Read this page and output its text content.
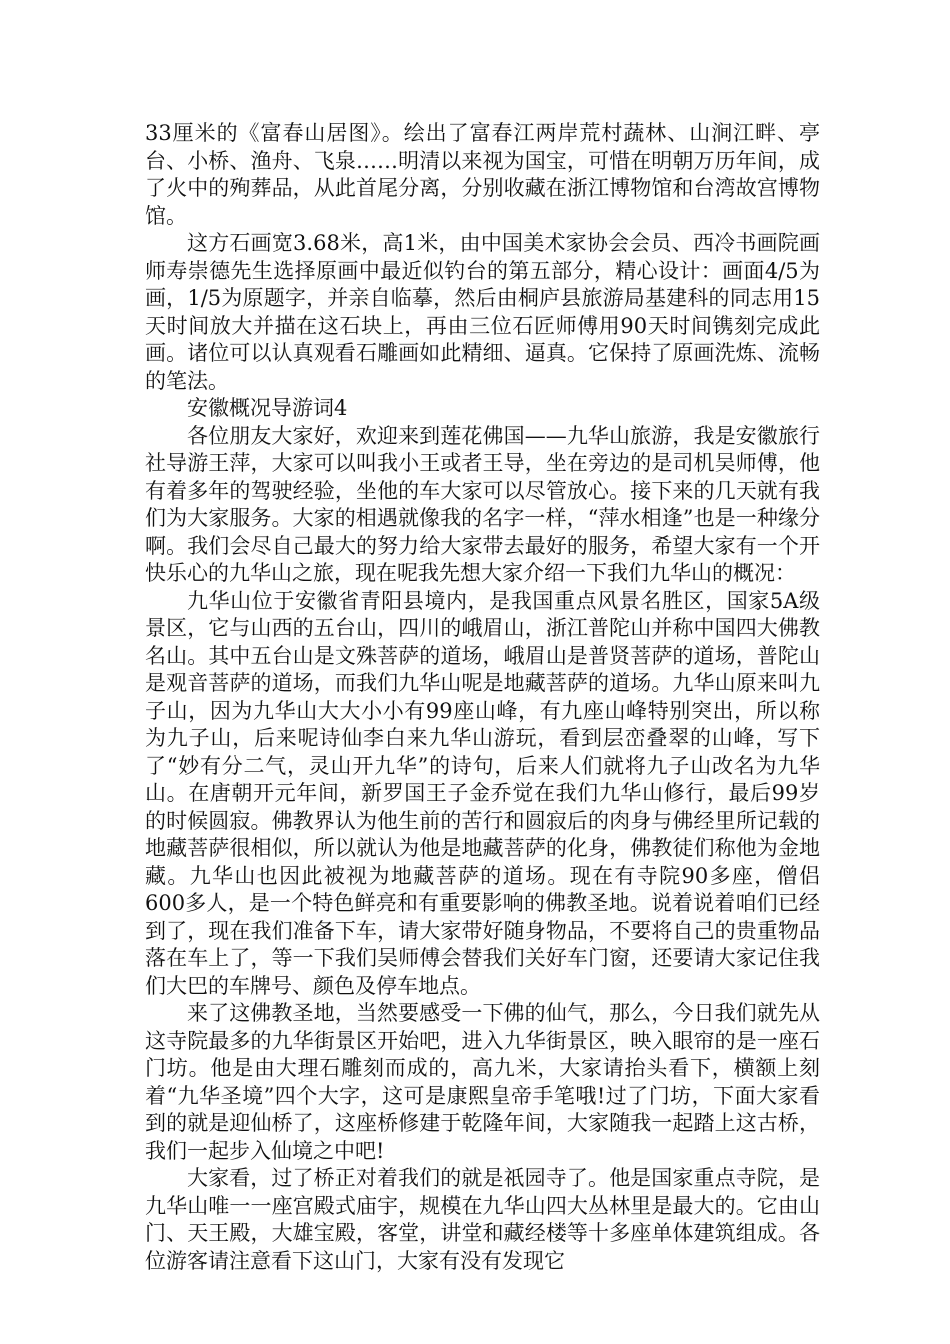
33厘米的《富春山居图》。绘出了富春江两岸荒村蔬林、山涧江畔、亭台、小桥、渔舟、飞泉……明清以来视为国宝，可惜在明朝万历年间，成了火中的殉葬品，从此首尾分离，分别收藏在浙江博物馆和台湾故宫博物馆。

这方石画宽3.68米，高1米，由中国美术家协会会员、西冷书画院画师寿崇德先生选择原画中最近似钓台的第五部分，精心设计：画面4/5为画，1/5为原题字，并亲自临摹，然后由桐庐县旅游局基建科的同志用15天时间放大并描在这石块上，再由三位石匠师傅用90天时间镌刻完成此画。诸位可以认真观看石雕画如此精细、逼真。它保持了原画洗炼、流畅的笔法。

安徽概况导游词4

各位朋友大家好，欢迎来到莲花佛国——九华山旅游，我是安徽旅行社导游王萍，大家可以叫我小王或者王导，坐在旁边的是司机吴师傅，他有着多年的驾驶经验，坐他的车大家可以尽管放心。接下来的几天就有我们为大家服务。大家的相遇就像我的名字一样，“萍水相逢”也是一种缘分啊。我们会尽自己最大的努力给大家带去最好的服务，希望大家有一个开快乐心的九华山之旅，现在呢我先想大家介绍一下我们九华山的概况：

九华山位于安徽省青阳县境内，是我国重点风景名胜区，国家5A级景区，它与山西的五台山，四川的峨眉山，浙江普陀山并称中国四大佛教名山。其中五台山是文殊菩萨的道场，峨眉山是普贤菩萨的道场，普陀山是观音菩萨的道场，而我们九华山呢是地藏菩萨的道场。九华山原来叫九子山，因为九华山大大小小有99座山峰，有九座山峰特别突出，所以称为九子山，后来呢诗仙李白来九华山游玩，看到层峦叠翠的山峰，写下了“妙有分二气，灵山开九华”的诗句，后来人们就将九子山改名为九华山。在唐朝开元年间，新罗国王子金乔觉在我们九华山修行，最后99岁的时候圆寂。佛教界认为他生前的苦行和圆寂后的肉身与佛经里所记载的地藏菩萨很相似，所以就认为他是地藏菩萨的化身，佛教徒们称他为金地藏。九华山也因此被视为地藏菩萨的道场。现在有寺院90多座，僧侣600多人，是一个特色鲜亮和有重要影响的佛教圣地。说着说着咱们已经到了，现在我们准备下车，请大家带好随身物品，不要将自己的贵重物品落在车上了，等一下我们吴师傅会替我们关好车门窗，还要请大家记住我们大巴的车牌号、颜色及停车地点。

来了这佛教圣地，当然要感受一下佛的仙气，那么，今日我们就先从这寺院最多的九华街景区开始吧，进入九华街景区，映入眼帘的是一座石门坊。他是由大理石雕刻而成的，高九米，大家请抬头看下，横额上刻着“九华圣境”四个大字，这可是康熙皇帝手笔哦!过了门坊，下面大家看到的就是迎仙桥了，这座桥修建于乾隆年间，大家随我一起踏上这古桥，我们一起步入仙境之中吧!

大家看，过了桥正对着我们的就是祇园寺了。他是国家重点寺院，是九华山唯一一座宫殿式庙宇，规模在九华山四大丛林里是最大的。它由山门、天王殿，大雄宝殿，客堂，讲堂和藏经楼等十多座单体建筑组成。各位游客请注意看下这山门，大家有没有发现它
